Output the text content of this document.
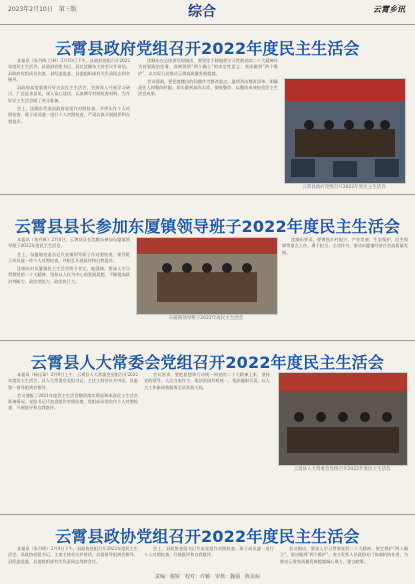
2023年2月10日　第三版	综合	云霄乡讯
云霄县政府党组召开2022年度民主生活会

本报讯（朱丹晖 吕林）2月10日下午，县政府党组召开2022年度民主生活会。县政府党组书记、县长沈顺东主持会议并讲话。县政府党组成员出席，县纪委监委、县委组织部有关负责同志到会指导。

县政府高度重视开好这次民主生活会，会前深入开展学习研讨，广泛征求意见，深入谈心谈话，认真撰写对照检查材料，为开好民主生活会做了充分准备。

会上，沈顺东代表县政府党组作对照检查，并带头作个人对照检查。班子成员逐一进行个人对照检查，严肃认真开展批评和自我批评。

沈顺东在总结讲话时指出，要坚定不移地把学习贯彻党的二十大精神作为首要政治任务，深刻领悟“两个确立”的决定性意义，坚决做到“两个维护”，以实际行动推动云霄高质量发展超越。

会议强调，要把查摆出的问题作为整改重点，逐项列出整改清单，明确责任人和整改时限，切实做到真改实改、彻底整改，以整改成效检验民主生活会成果。

云霄县政府党组召开2022年度民主生活会
云霄县县长参加东厦镇领导班子2022年度民主生活会

本报讯（朱丹晖）2月8日，云霄县县长沈顺东参加东厦镇领导班子2022年度民主生活会。

会上，东厦镇党委书记代表镇领导班子作对照检查，领导班子成员逐一作个人对照检查，并相互开展批评和自我批评。

沈顺东对东厦镇民主生活会给予肯定。他强调，要深入学习贯彻党的二十大精神，坚持以人民为中心的发展思想，不断提高政治判断力、政治领悟力、政治执行力。

东厦镇领导班子2022年度民主生活会

沈顺东要求，要聚焦乡村振兴、产业发展、生态保护、民生保障等重点工作，勇于担当、主动作为，推动东厦镇经济社会高质量发展。

云霄县人大常委会党组召开2022年度民主生活会

本报讯（杨远章）2月9日上午，云霄县人大常委会党组召开2022年度民主生活会。县人大常委会党组书记、主任主持会议并讲话。县委第一督导组到会指导。

会议通报了2021年度民主生活会整改落实情况和本次民主生活会准备情况。党组书记代表党组作对照检查，党组成员依次作个人对照检查，开展批评和自我批评。

会议要求，要把思想和行动统一到党的二十大精神上来，坚持党的领导、人民当家作主、依法治国有机统一，依法履职尽责，以人大工作新成效服务全县发展大局。

云霄县人大常委会党组召开2022年度民主生活会
云霄县政协党组召开2022年度民主生活会

本报讯（朱丹晖）2月9日下午，县政协党组召开2022年度民主生活会。县政协党组书记、主席主持会议并讲话。县委督导组到会指导，县纪委监委、县委组织部有关负责同志列席会议。

会上，县政协党组书记代表党组作对照检查，班子成员逐一进行个人对照检查，开展批评和自我批评。

会议指出，要深入学习贯彻党的二十大精神，坚定拥护“两个确立”，坚决做到“两个维护”，充分发挥人民政协专门协商机构作用，为推动云霄高质量发展超越凝心聚力、建言献策。

责编：谢锐　校对：许颖　审核：魏强　陈永标
